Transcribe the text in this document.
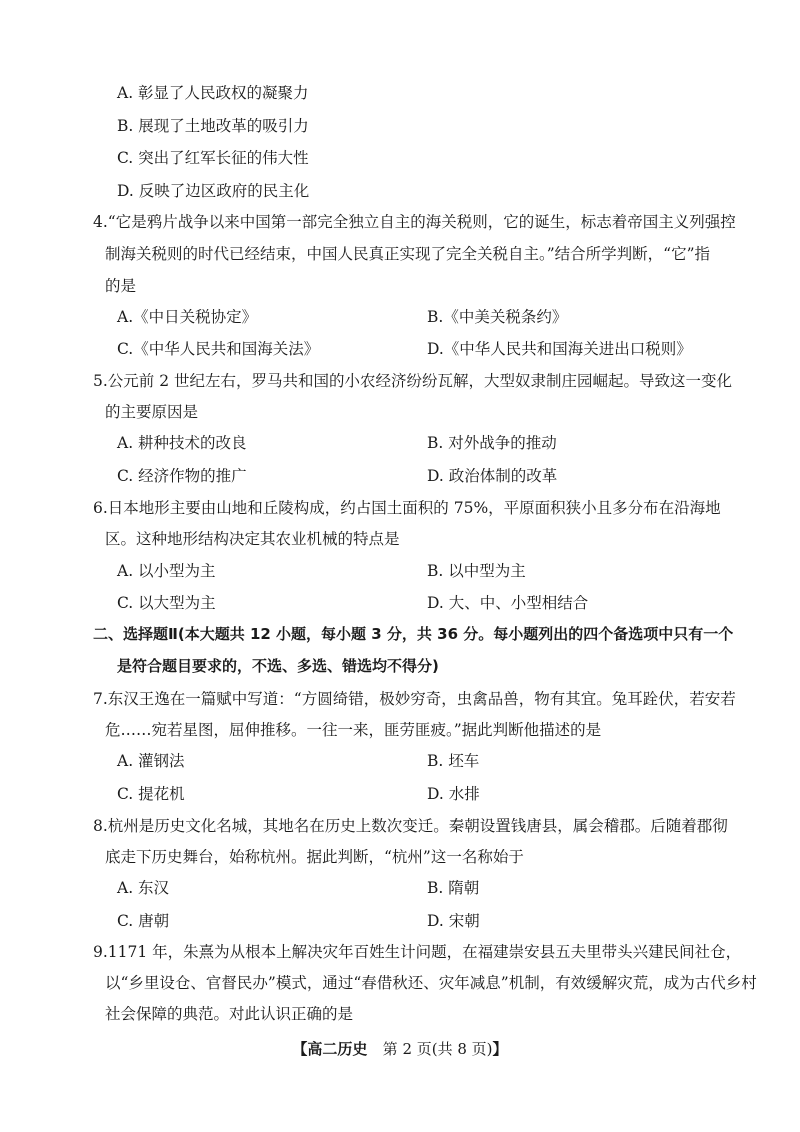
A. 彰显了人民政权的凝聚力
B. 展现了土地改革的吸引力
C. 突出了红军长征的伟大性
D. 反映了边区政府的民主化
4.“它是鸦片战争以来中国第一部完全独立自主的海关税则，它的诞生，标志着帝国主义列强控
制海关税则的时代已经结束，中国人民真正实现了完全关税自主。”结合所学判断，“它”指
的是
A.《中日关税协定》	B.《中美关税条约》
C.《中华人民共和国海关法》	D.《中华人民共和国海关进出口税则》
5.公元前 2 世纪左右，罗马共和国的小农经济纷纷瓦解，大型奴隶制庄园崛起。导致这一变化
的主要原因是
A. 耕种技术的改良	B. 对外战争的推动
C. 经济作物的推广	D. 政治体制的改革
6.日本地形主要由山地和丘陵构成，约占国土面积的 75%，平原面积狭小且多分布在沿海地
区。这种地形结构决定其农业机械的特点是
A. 以小型为主	B. 以中型为主
C. 以大型为主	D. 大、中、小型相结合
二、选择题Ⅱ(本大题共 12 小题，每小题 3 分，共 36 分。每小题列出的四个备选项中只有一个
是符合题目要求的，不选、多选、错选均不得分)
7.东汉王逸在一篇赋中写道：“方圆绮错，极妙穷奇，虫禽品兽，物有其宜。兔耳跧伏，若安若
危……宛若星图，屈伸推移。一往一来，匪劳匪疲。”据此判断他描述的是
A. 灌钢法	B. 坯车
C. 提花机	D. 水排
8.杭州是历史文化名城，其地名在历史上数次变迁。秦朝设置钱唐县，属会稽郡。后随着郡彻
底走下历史舞台，始称杭州。据此判断，“杭州”这一名称始于
A. 东汉	B. 隋朝
C. 唐朝	D. 宋朝
9.1171 年，朱熹为从根本上解决灾年百姓生计问题，在福建崇安县五夫里带头兴建民间社仓，
以“乡里设仓、官督民办”模式，通过“春借秋还、灾年减息”机制，有效缓解灾荒，成为古代乡村
社会保障的典范。对此认识正确的是
【高二历史 第 2 页(共 8 页)】
